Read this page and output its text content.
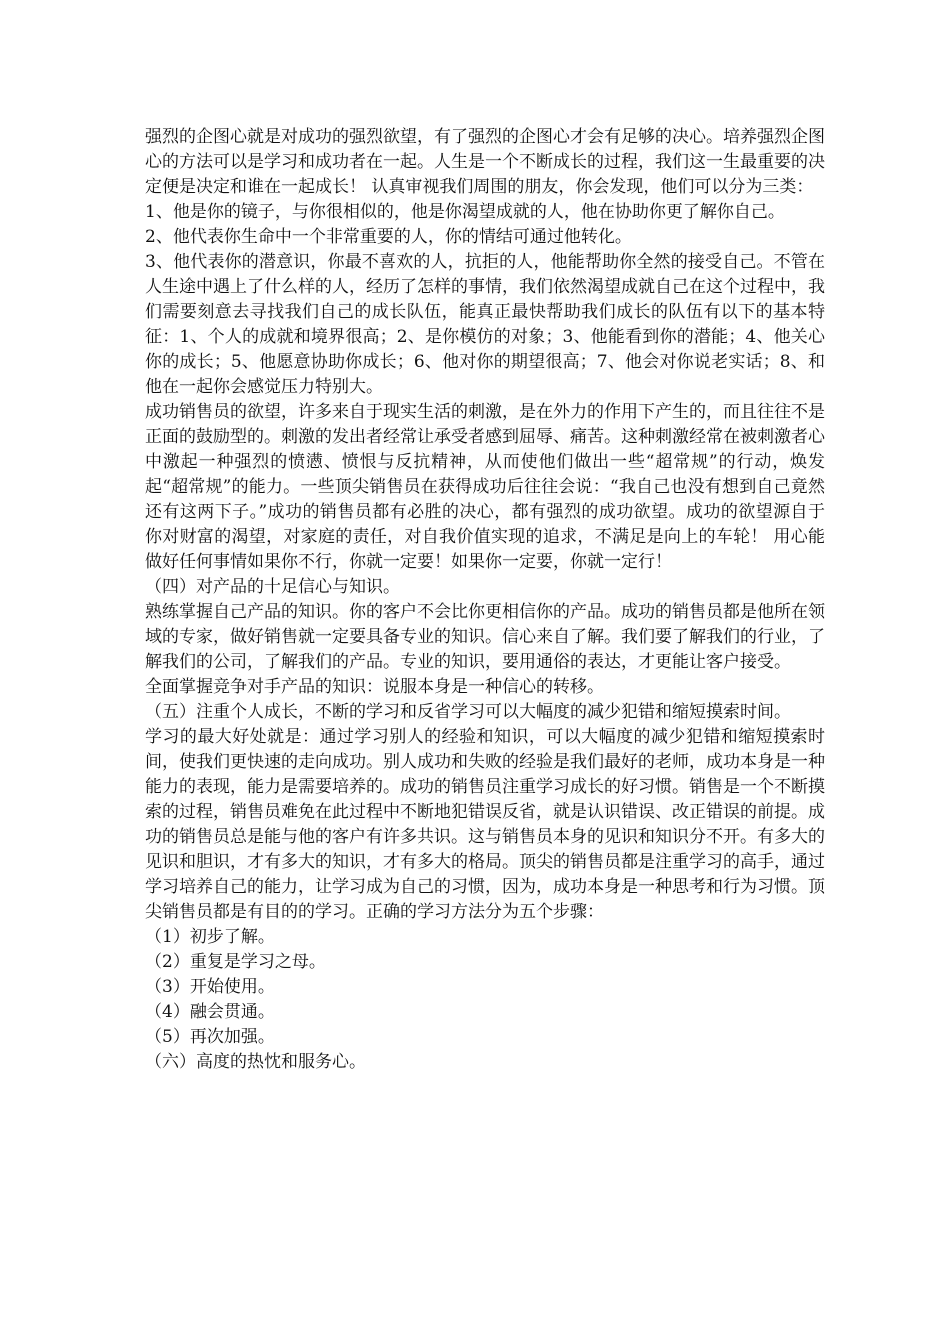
强烈的企图心就是对成功的强烈欲望，有了强烈的企图心才会有足够的决心。培养强烈企图心的方法可以是学习和成功者在一起。人生是一个不断成长的过程，我们这一生最重要的决定便是决定和谁在一起成长！ 认真审视我们周围的朋友，你会发现，他们可以分为三类：

1、他是你的镜子，与你很相似的，他是你渴望成就的人，他在协助你更了解你自己。

2、他代表你生命中一个非常重要的人，你的情结可通过他转化。

3、他代表你的潜意识，你最不喜欢的人，抗拒的人，他能帮助你全然的接受自己。不管在人生途中遇上了什么样的人，经历了怎样的事情，我们依然渴望成就自己在这个过程中，我们需要刻意去寻找我们自己的成长队伍，能真正最快帮助我们成长的队伍有以下的基本特征：1、个人的成就和境界很高；2、是你模仿的对象；3、他能看到你的潜能；4、他关心你的成长；5、他愿意协助你成长；6、他对你的期望很高；7、他会对你说老实话；8、和他在一起你会感觉压力特别大。

成功销售员的欲望，许多来自于现实生活的刺激，是在外力的作用下产生的，而且往往不是正面的鼓励型的。刺激的发出者经常让承受者感到屈辱、痛苦。这种刺激经常在被刺激者心中激起一种强烈的愤懑、愤恨与反抗精神，从而使他们做出一些“超常规”的行动，焕发起“超常规”的能力。一些顶尖销售员在获得成功后往往会说：“我自己也没有想到自己竟然还有这两下子。”成功的销售员都有必胜的决心，都有强烈的成功欲望。成功的欲望源自于你对财富的渴望，对家庭的责任，对自我价值实现的追求，不满足是向上的车轮！ 用心能做好任何事情如果你不行，你就一定要！如果你一定要，你就一定行！

（四）对产品的十足信心与知识。

熟练掌握自己产品的知识。你的客户不会比你更相信你的产品。成功的销售员都是他所在领域的专家，做好销售就一定要具备专业的知识。信心来自了解。我们要了解我们的行业，了解我们的公司，了解我们的产品。专业的知识，要用通俗的表达，才更能让客户接受。

全面掌握竞争对手产品的知识：说服本身是一种信心的转移。

（五）注重个人成长，不断的学习和反省学习可以大幅度的减少犯错和缩短摸索时间。

学习的最大好处就是：通过学习别人的经验和知识，可以大幅度的减少犯错和缩短摸索时间，使我们更快速的走向成功。别人成功和失败的经验是我们最好的老师，成功本身是一种能力的表现，能力是需要培养的。成功的销售员注重学习成长的好习惯。销售是一个不断摸索的过程，销售员难免在此过程中不断地犯错误反省，就是认识错误、改正错误的前提。成功的销售员总是能与他的客户有许多共识。这与销售员本身的见识和知识分不开。有多大的见识和胆识，才有多大的知识，才有多大的格局。顶尖的销售员都是注重学习的高手，通过学习培养自己的能力，让学习成为自己的习惯，因为，成功本身是一种思考和行为习惯。顶尖销售员都是有目的的学习。正确的学习方法分为五个步骤：

（1）初步了解。

（2）重复是学习之母。

（3）开始使用。

（4）融会贯通。

（5）再次加强。

（六）高度的热忱和服务心。
